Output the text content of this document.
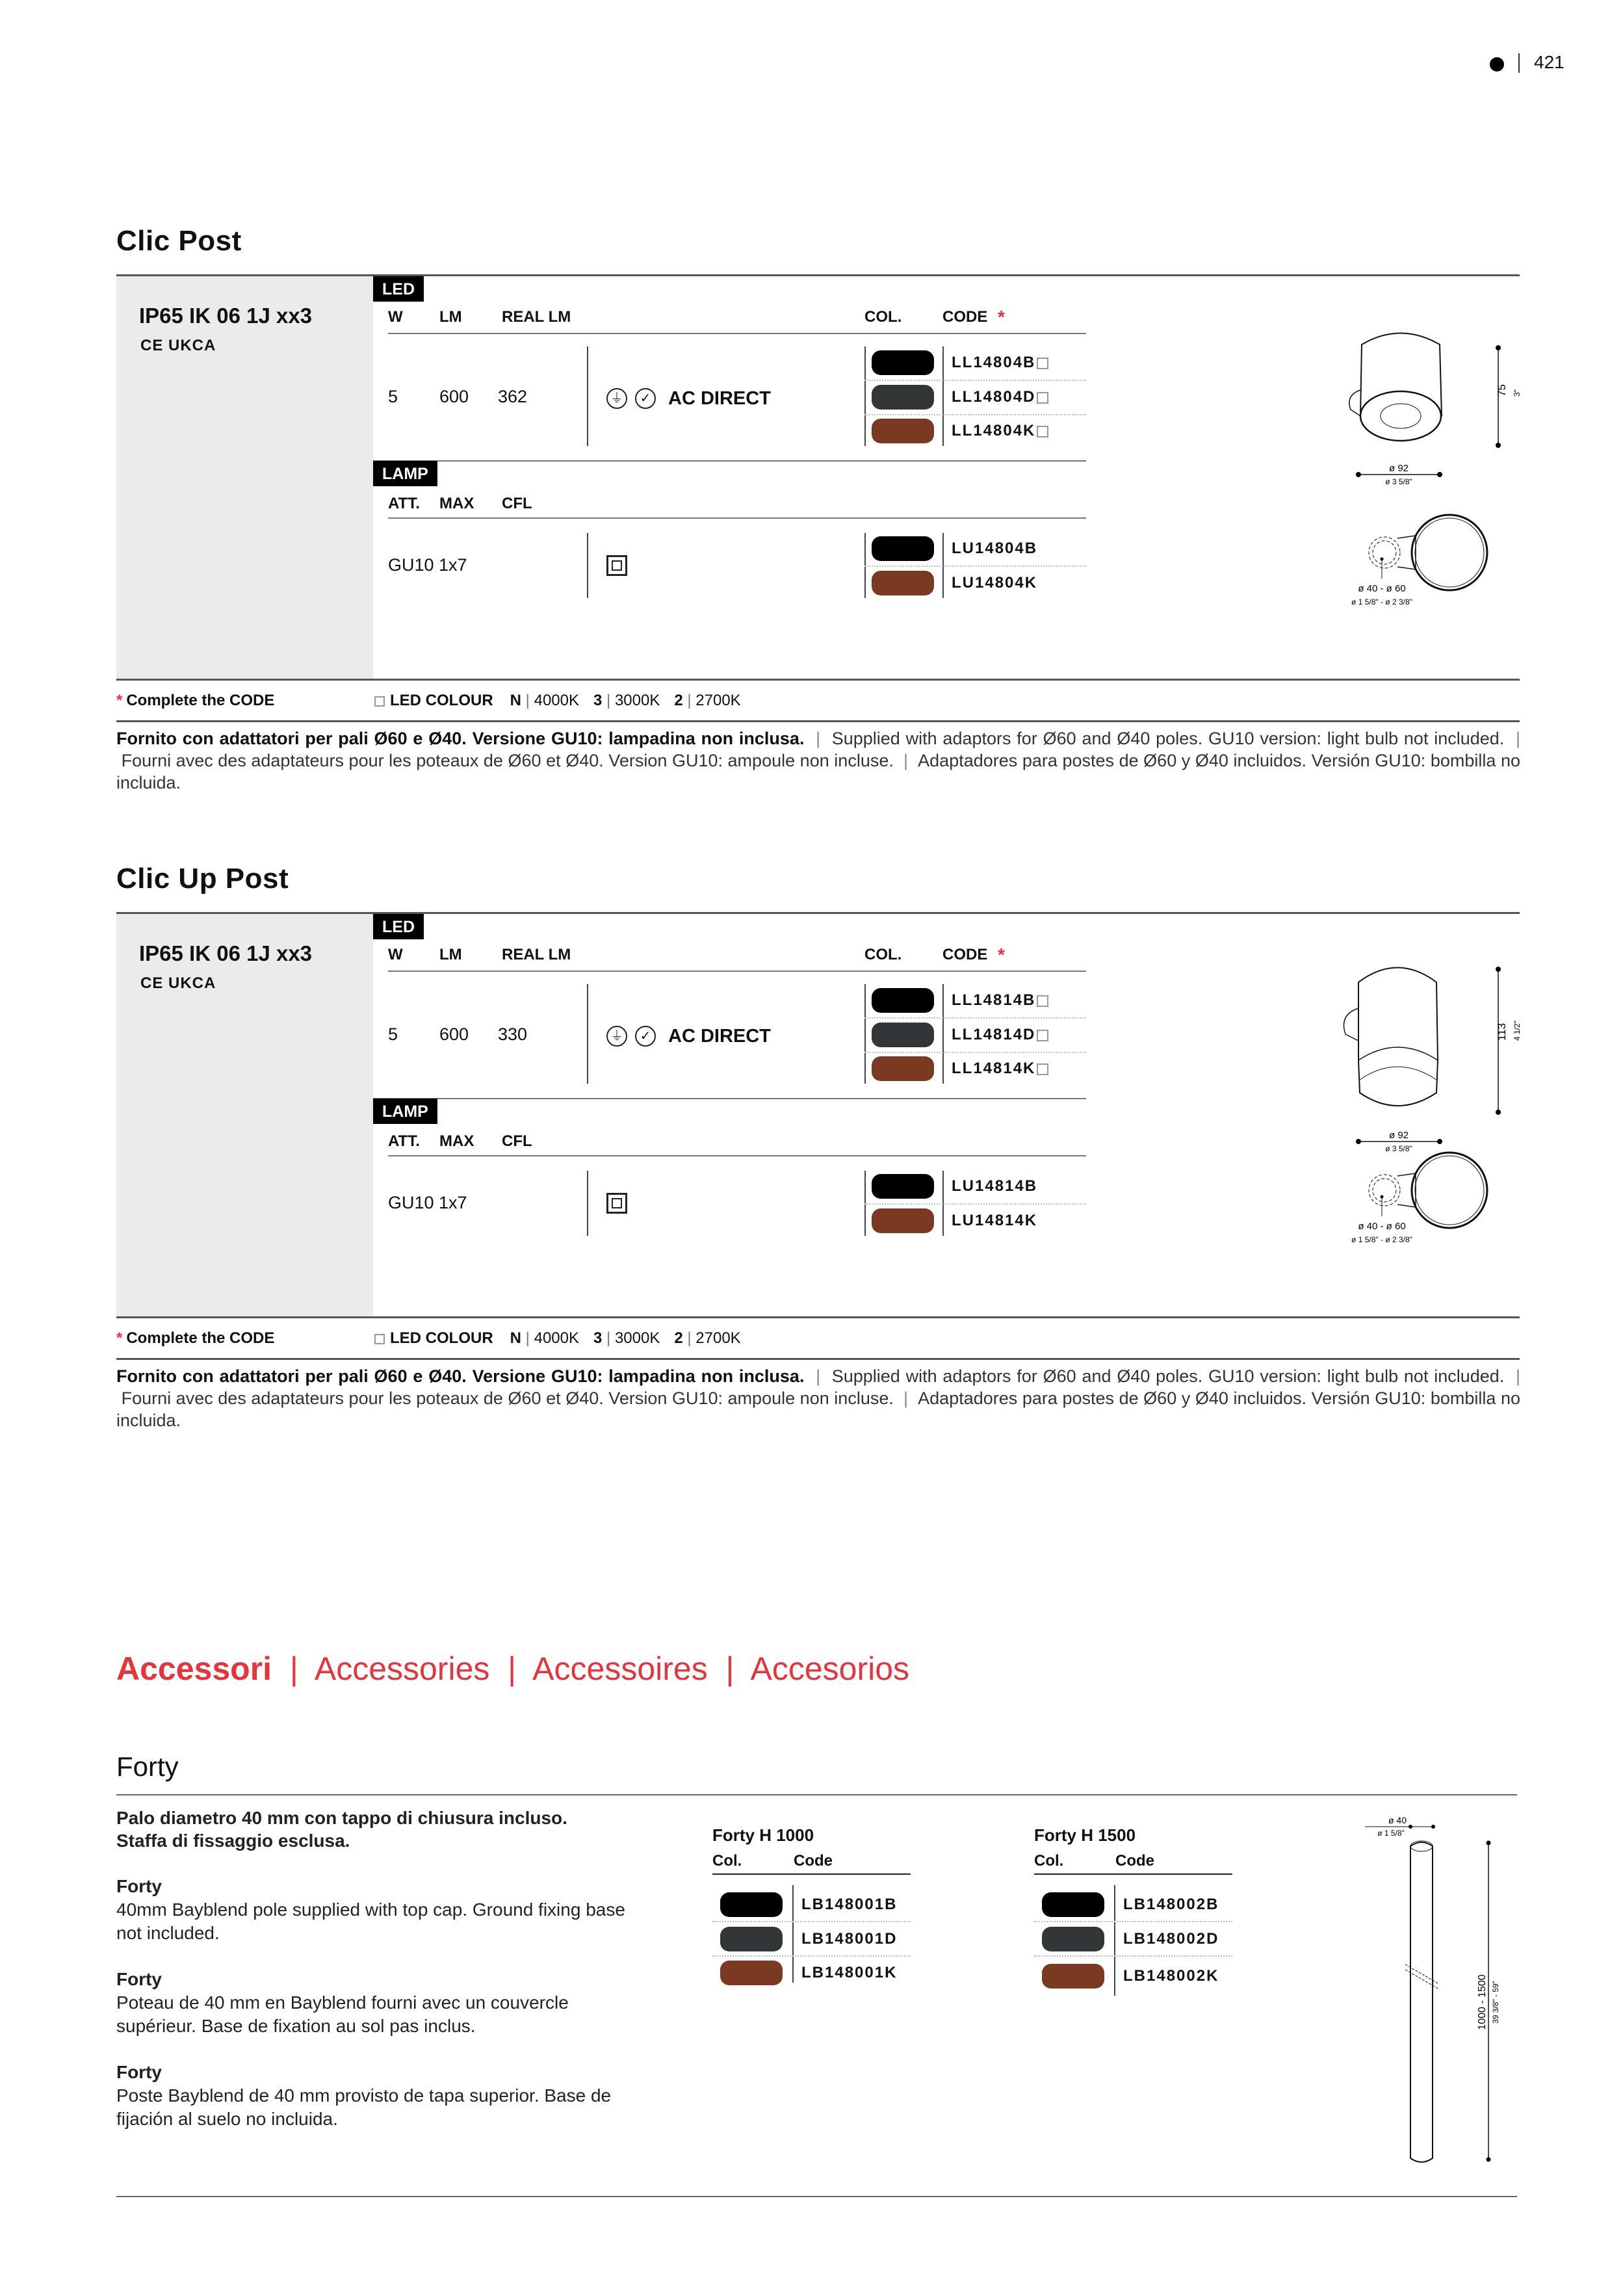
421
Clic Post
IP65 IK 06 1J xx3
CE UKCA
LED
W LM	REAL LM	COL.	CODE *
5 600 362	⏚	✓ AC DIRECT
LL14804B
LL14804D
LL14804K
LAMP
ATT. MAX CFL
GU10 1x7
LU14804B
LU14804K
* Complete the CODE	LED COLOUR N | 4000K 3 | 3000K 2 | 2700K
Fornito con adattatori per pali Ø60 e Ø40. Versione GU10: lampadina non inclusa.  |  Supplied with adaptors for Ø60 and Ø40 poles. GU10 version: light bulb not included.  |  Fourni avec des adaptateurs pour les poteaux de Ø60 et Ø40. Version GU10: ampoule non incluse.  |  Adaptadores para postes de Ø60 y Ø40 incluidos. Versión GU10: bombilla no incluida.
75 3"
ø 92
ø 3 5/8"
ø 40 - ø 60
ø 1 5/8" - ø 2 3/8"
Clic Up Post
IP65 IK 06 1J xx3
CE UKCA
LED
W LM	REAL LM	COL.	CODE *
5 600 330	⏚	✓ AC DIRECT
LL14814B
LL14814D
LL14814K
LAMP
ATT. MAX CFL
GU10 1x7
LU14814B
LU14814K
* Complete the CODE	LED COLOUR N | 4000K 3 | 3000K 2 | 2700K
Fornito con adattatori per pali Ø60 e Ø40. Versione GU10: lampadina non inclusa.  |  Supplied with adaptors for Ø60 and Ø40 poles. GU10 version: light bulb not included.  |  Fourni avec des adaptateurs pour les poteaux de Ø60 et Ø40. Version GU10: ampoule non incluse.  |  Adaptadores para postes de Ø60 y Ø40 incluidos. Versión GU10: bombilla no incluida.
113 4 1/2"
ø 92
ø 3 5/8"
ø 40 - ø 60
ø 1 5/8" - ø 2 3/8"
Accessori  |  Accessories  |  Accessoires  |  Accesorios
Forty
Palo diametro 40 mm con tappo di chiusura incluso.
Staffa di fissaggio esclusa.
Forty
40mm Bayblend pole supplied with top cap. Ground fixing base
not included.
Forty
Poteau de 40 mm en Bayblend fourni avec un couvercle
supérieur. Base de fixation au sol pas inclus.
Forty
Poste Bayblend de 40 mm provisto de tapa superior. Base de
fijación al suelo no incluida.
Forty H 1000
Col.	Code
LB148001B
LB148001D
LB148001K
Forty H 1500
Col.	Code
LB148002B
LB148002D
LB148002K
ø 40
ø 1 5/8"
1000 - 1500 39 3/8" - 59"
